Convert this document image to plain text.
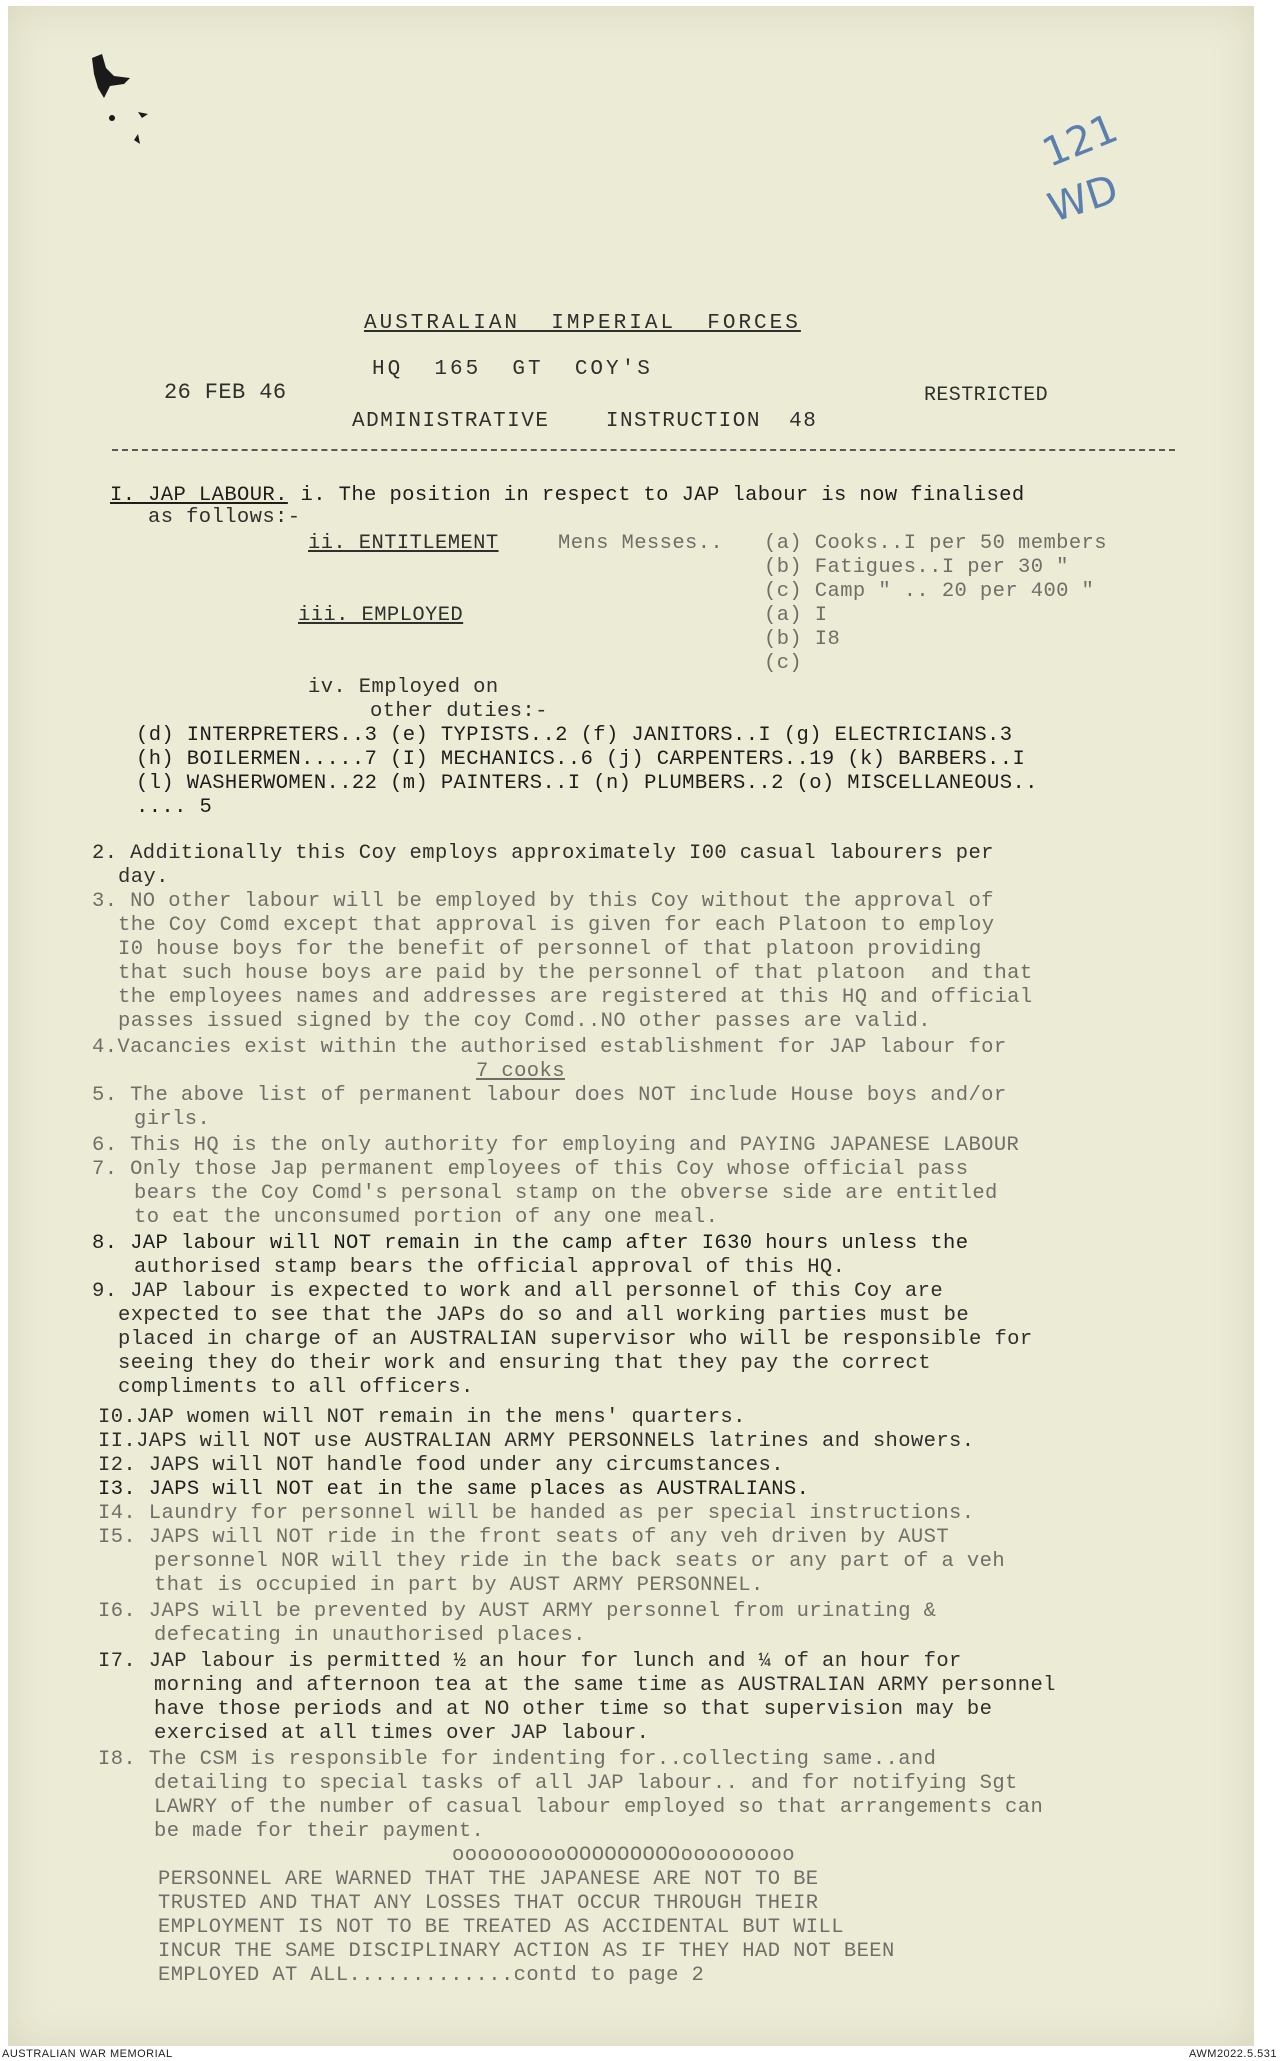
121
WD
AUSTRALIAN  IMPERIAL  FORCES
HQ  165  GT  COY'S
26 FEB 46
ADMINISTRATIVE    INSTRUCTION  48
RESTRICTED
I. JAP LABOUR. i. The position in respect to JAP labour is now finalised
as follows:-
ii. ENTITLEMENT	Mens Messes.. (a) Cooks..I per 50 members
(b) Fatigues..I per 30 "
(c) Camp " .. 20 per 400 "
iii. EMPLOYED	(a) I
(b) I8
(c)
iv. Employed on
other duties:-
(d) INTERPRETERS..3 (e) TYPISTS..2 (f) JANITORS..I (g) ELECTRICIANS.3
(h) BOILERMEN.....7 (I) MECHANICS..6 (j) CARPENTERS..19 (k) BARBERS..I
(l) WASHERWOMEN..22 (m) PAINTERS..I (n) PLUMBERS..2 (o) MISCELLANEOUS..
.... 5
2. Additionally this Coy employs approximately I00 casual labourers per
day.
3. NO other labour will be employed by this Coy without the approval of
the Coy Comd except that approval is given for each Platoon to employ
I0 house boys for the benefit of personnel of that platoon providing
that such house boys are paid by the personnel of that platoon  and that
the employees names and addresses are registered at this HQ and official
passes issued signed by the coy Comd..NO other passes are valid.
4.Vacancies exist within the authorised establishment for JAP labour for
7 cooks
5. The above list of permanent labour does NOT include House boys and/or
girls.
6. This HQ is the only authority for employing and PAYING JAPANESE LABOUR
7. Only those Jap permanent employees of this Coy whose official pass
bears the Coy Comd's personal stamp on the obverse side are entitled
to eat the unconsumed portion of any one meal.
8. JAP labour will NOT remain in the camp after I630 hours unless the
authorised stamp bears the official approval of this HQ.
9. JAP labour is expected to work and all personnel of this Coy are
expected to see that the JAPs do so and all working parties must be
placed in charge of an AUSTRALIAN supervisor who will be responsible for
seeing they do their work and ensuring that they pay the correct
compliments to all officers.
I0.JAP women will NOT remain in the mens' quarters.
II.JAPS will NOT use AUSTRALIAN ARMY PERSONNELS latrines and showers.
I2. JAPS will NOT handle food under any circumstances.
I3. JAPS will NOT eat in the same places as AUSTRALIANS.
I4. Laundry for personnel will be handed as per special instructions.
I5. JAPS will NOT ride in the front seats of any veh driven by AUST
personnel NOR will they ride in the back seats or any part of a veh
that is occupied in part by AUST ARMY PERSONNEL.
I6. JAPS will be prevented by AUST ARMY personnel from urinating &
defecating in unauthorised places.
I7. JAP labour is permitted ½ an hour for lunch and ¼ of an hour for
morning and afternoon tea at the same time as AUSTRALIAN ARMY personnel
have those periods and at NO other time so that supervision may be
exercised at all times over JAP labour.
I8. The CSM is responsible for indenting for..collecting same..and
detailing to special tasks of all JAP labour.. and for notifying Sgt
LAWRY of the number of casual labour employed so that arrangements can
be made for their payment.
oooooooooOOOOOOOOOooooooooo
PERSONNEL ARE WARNED THAT THE JAPANESE ARE NOT TO BE
TRUSTED AND THAT ANY LOSSES THAT OCCUR THROUGH THEIR
EMPLOYMENT IS NOT TO BE TREATED AS ACCIDENTAL BUT WILL
INCUR THE SAME DISCIPLINARY ACTION AS IF THEY HAD NOT BEEN
EMPLOYED AT ALL.............contd to page 2
AUSTRALIAN WAR MEMORIAL	AWM2022.5.531
